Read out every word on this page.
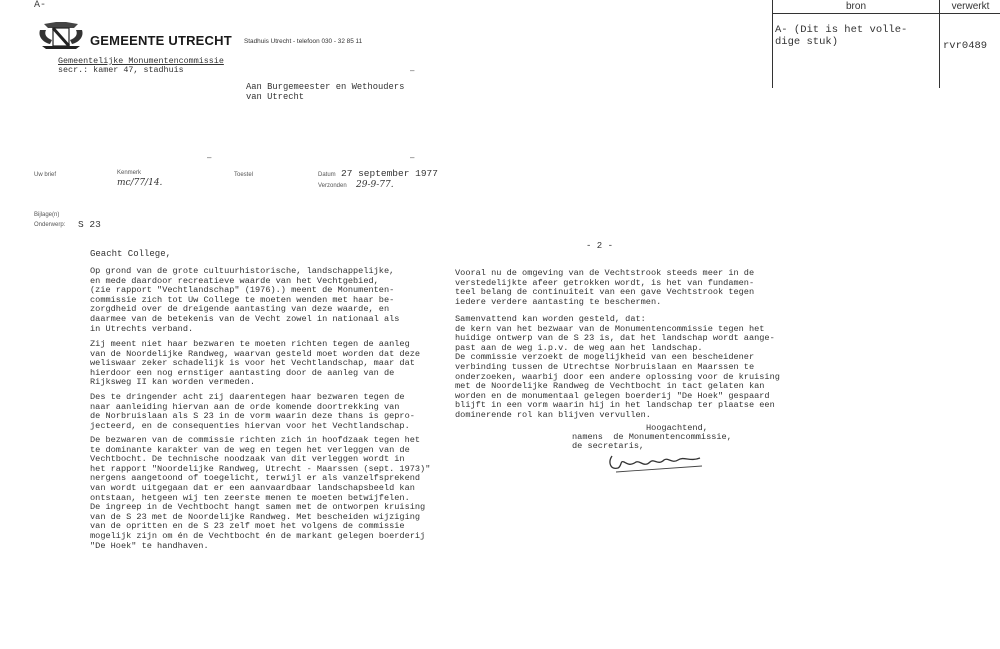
A-
GEMEENTE UTRECHT Stadhuis Utrecht - telefoon 030 - 32 85 11
Gemeentelijke Monumentencommissie
secr.: kamer 47, stadhuis	–
bron	verwerkt
A- (Dit is het volle-
dige stuk)	rvr0489
Aan Burgemeester en Wethouders
van Utrecht
–	–
Uw brief	Kenmerk
mc/77/14.
Toestel	Datum 27 september 1977
Verzonden 29-9-77.
Bijlage(n)
Onderwerp: S 23
Geacht College,
Op grond van de grote cultuurhistorische, landschappelijke,
en mede daardoor recreatieve waarde van het Vechtgebied,
(zie rapport "Vechtlandschap" (1976).) meent de Monumenten-
commissie zich tot Uw College te moeten wenden met haar be-
zorgdheid over de dreigende aantasting van deze waarde, en
daarmee van de betekenis van de Vecht zowel in nationaal als
in Utrechts verband.
Zij meent niet haar bezwaren te moeten richten tegen de aanleg
van de Noordelijke Randweg, waarvan gesteld moet worden dat deze
weliswaar zeker schadelijk is voor het Vechtlandschap, maar dat
hierdoor een nog ernstiger aantasting door de aanleg van de
Rijksweg II kan worden vermeden.
Des te dringender acht zij daarentegen haar bezwaren tegen de
naar aanleiding hiervan aan de orde komende doortrekking van
de Norbruislaan als S 23 in de vorm waarin deze thans is gepro-
jecteerd, en de consequenties hiervan voor het Vechtlandschap.
De bezwaren van de commissie richten zich in hoofdzaak tegen het
te dominante karakter van de weg en tegen het verleggen van de
Vechtbocht. De technische noodzaak van dit verleggen wordt in
het rapport "Noordelijke Randweg, Utrecht - Maarssen (sept. 1973)"
nergens aangetoond of toegelicht, terwijl er als vanzelfsprekend
van wordt uitgegaan dat er een aanvaardbaar landschapsbeeld kan
ontstaan, hetgeen wij ten zeerste menen te moeten betwijfelen.
De ingreep in de Vechtbocht hangt samen met de ontworpen kruising
van de S 23 met de Noordelijke Randweg. Met bescheiden wijziging
van de opritten en de S 23 zelf moet het volgens de commissie
mogelijk zijn om én de Vechtbocht én de markant gelegen boerderij
"De Hoek" te handhaven.
- 2 -
Vooral nu de omgeving van de Vechtstrook steeds meer in de
verstedelijkte afeer getrokken wordt, is het van fundamen-
teel belang de continuiteit van een gave Vechtstrook tegen
iedere verdere aantasting te beschermen.
Samenvattend kan worden gesteld, dat:
de kern van het bezwaar van de Monumentencommissie tegen het
huidige ontwerp van de S 23 is, dat het landschap wordt aange-
past aan de weg i.p.v. de weg aan het landschap.
De commissie verzoekt de mogelijkheid van een bescheidener
verbinding tussen de Utrechtse Norbruislaan en Maarssen te
onderzoeken, waarbij door een andere oplossing voor de kruising
met de Noordelijke Randweg de Vechtbocht in tact gelaten kan
worden en de monumentaal gelegen boerderij "De Hoek" gespaard
blijft in een vorm waarin hij in het landschap ter plaatse een
dominerende rol kan blijven vervullen.
Hoogachtend,
namens  de Monumentencommissie,
de secretaris,
